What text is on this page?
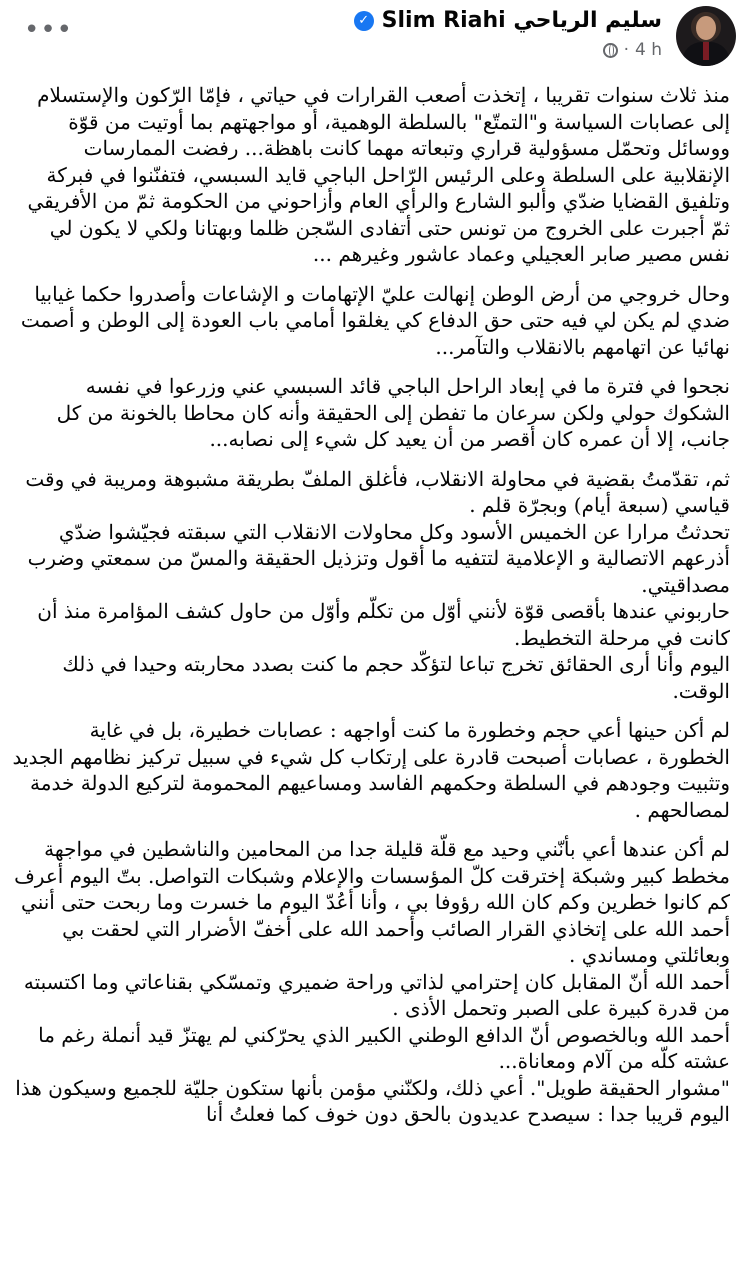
✓ Slim Riahi سليم الرياحي
· 4 h
•••

منذ ثلاث سنوات تقريبا ، إتخذت أصعب القرارات في حياتي ، فإمّا الرّكون والإستسلام إلى عصابات السياسة و"التمتّع" بالسلطة الوهمية، أو مواجهتهم بما أوتيت من قوّة ووسائل وتحمّل مسؤولية قراري وتبعاته مهما كانت باهظة... رفضت الممارسات الإنقلابية على السلطة وعلى الرئيس الرّاحل الباجي قايد السبسي، فتفنّنوا في فبركة وتلفيق القضايا ضدّي وألبو الشارع والرأي العام وأزاحوني من الحكومة ثمّ من الأفريقي ثمّ أجبرت على الخروج من تونس حتى أتفادى السّجن ظلما وبهتانا ولكي لا يكون لي نفس مصير صابر العجيلي وعماد عاشور وغيرهم ...

وحال خروجي من أرض الوطن إنهالت عليّ الإتهامات و الإشاعات وأصدروا حكما غيابيا ضدي لم يكن لي فيه حتى حق الدفاع كي يغلقوا أمامي باب العودة إلى الوطن و أصمت نهائيا عن اتهامهم بالانقلاب والتآمر...

نجحوا في فترة ما في إبعاد الراحل الباجي قائد السبسي عني وزرعوا في نفسه الشكوك حولي ولكن سرعان ما تفطن إلى الحقيقة وأنه كان محاطا بالخونة من كل جانب، إلا أن عمره كان أقصر من أن يعيد كل شيء إلى نصابه...

ثم، تقدّمتُ بقضية في محاولة الانقلاب، فأغلق الملفّ بطريقة مشبوهة ومريبة في وقت قياسي (سبعة أيام) وبجرّة قلم .
تحدثتُ مرارا عن الخميس الأسود وكل محاولات الانقلاب التي سبقته فجيّشوا ضدّي أذرعهم الاتصالية و الإعلامية لتتفيه ما أقول وتزذيل الحقيقة والمسّ من سمعتي وضرب مصداقيتي.
حاربوني عندها بأقصى قوّة لأنني أوّل من تكلّم وأوّل من حاول كشف المؤامرة منذ أن كانت في مرحلة التخطيط.
اليوم وأنا أرى الحقائق تخرج تباعا لتؤكّد حجم ما كنت بصدد محاربته وحيدا في ذلك الوقت.

لم أكن حينها أعي حجم وخطورة ما كنت أواجهه : عصابات خطيرة، بل في غاية الخطورة ، عصابات أصبحت قادرة على إرتكاب كل شيء في سبيل تركيز نظامهم الجديد وتثبيت وجودهم في السلطة وحكمهم الفاسد ومساعيهم المحمومة لتركيع الدولة خدمة لمصالحهم .

لم أكن عندها أعي بأنّني وحيد مع قلّة قليلة جدا من المحامين والناشطين في مواجهة مخطط كبير وشبكة إخترقت كلّ المؤسسات والإعلام وشبكات التواصل. بتّ اليوم أعرف كم كانوا خطرين وكم كان الله رؤوفا بي ، وأنا أعُدّ اليوم ما خسرت وما ربحت حتى أنني أحمد الله على إتخاذي القرار الصائب وأحمد الله على أخفّ الأضرار التي لحقت بي وبعائلتي ومساندي .
أحمد الله أنّ المقابل كان إحترامي لذاتي وراحة ضميري وتمسّكي بقناعاتي وما اكتسبته من قدرة كبيرة على الصبر وتحمل الأذى .
أحمد الله وبالخصوص أنّ الدافع الوطني الكبير الذي يحرّكني لم يهتزّ قيد أنملة رغم ما عشته كلّه من آلام ومعاناة...
"مشوار الحقيقة طويل". أعي ذلك، ولكنّني مؤمن بأنها ستكون جليّة للجميع وسيكون هذا اليوم قريبا جدا : سيصدح عديدون بالحق دون خوف كما فعلتُ أنا
